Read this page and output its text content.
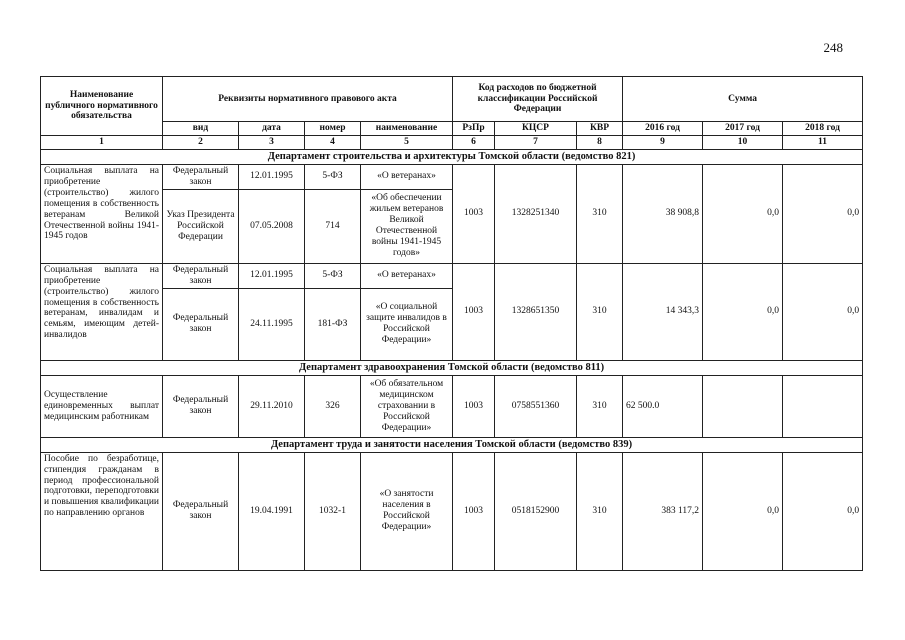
248
Наименование публичного нормативного обязательства	Реквизиты нормативного правового акта				Код расходов по бюджетной классификации Российской Федерации			Сумма		
	вид	дата	номер	наименование	РзПр	КЦСР	КВР	2016 год	2017 год	2018 год
1	2	3	4	5	6	7	8	9	10	11
Департамент строительства и архитектуры Томской области (ведомство 821)										
Социальная выплата на приобретение (строительство) жилого помещения в собственность ветеранам Великой Отечественной войны 1941-1945 годов	Федеральный закон	12.01.1995	5-ФЗ	«О ветеранах»	1003	1328251340	310	38 908,8	0,0	0,0
	Указ Президента Российской Федерации	07.05.2008	714	«Об обеспечении жильем ветеранов Великой Отечественной войны 1941-1945 годов»						
Социальная выплата на приобретение (строительство) жилого помещения в собственность ветеранам, инвалидам и семьям, имеющим детей-инвалидов	Федеральный закон	12.01.1995	5-ФЗ	«О ветеранах»	1003	1328651350	310	14 343,3	0,0	0,0
	Федеральный закон	24.11.1995	181-ФЗ	«О социальной защите инвалидов в Российской Федерации»						
Департамент здравоохранения Томской области (ведомство 811)										
Осуществление единовременных выплат медицинским работникам	Федеральный закон	29.11.2010	326	«Об обязательном медицинском страховании в Российской Федерации»	1003	0758551360	310	62 500.0		
Департамент труда и занятости населения Томской области (ведомство 839)										
Пособие по безработице, стипендия гражданам в период профессиональной подготовки, переподготовки и повышения квалификации по направлению органов	Федеральный закон	19.04.1991	1032-1	«О занятости населения в Российской Федерации»	1003	0518152900	310	383 117,2	0,0	0,0
